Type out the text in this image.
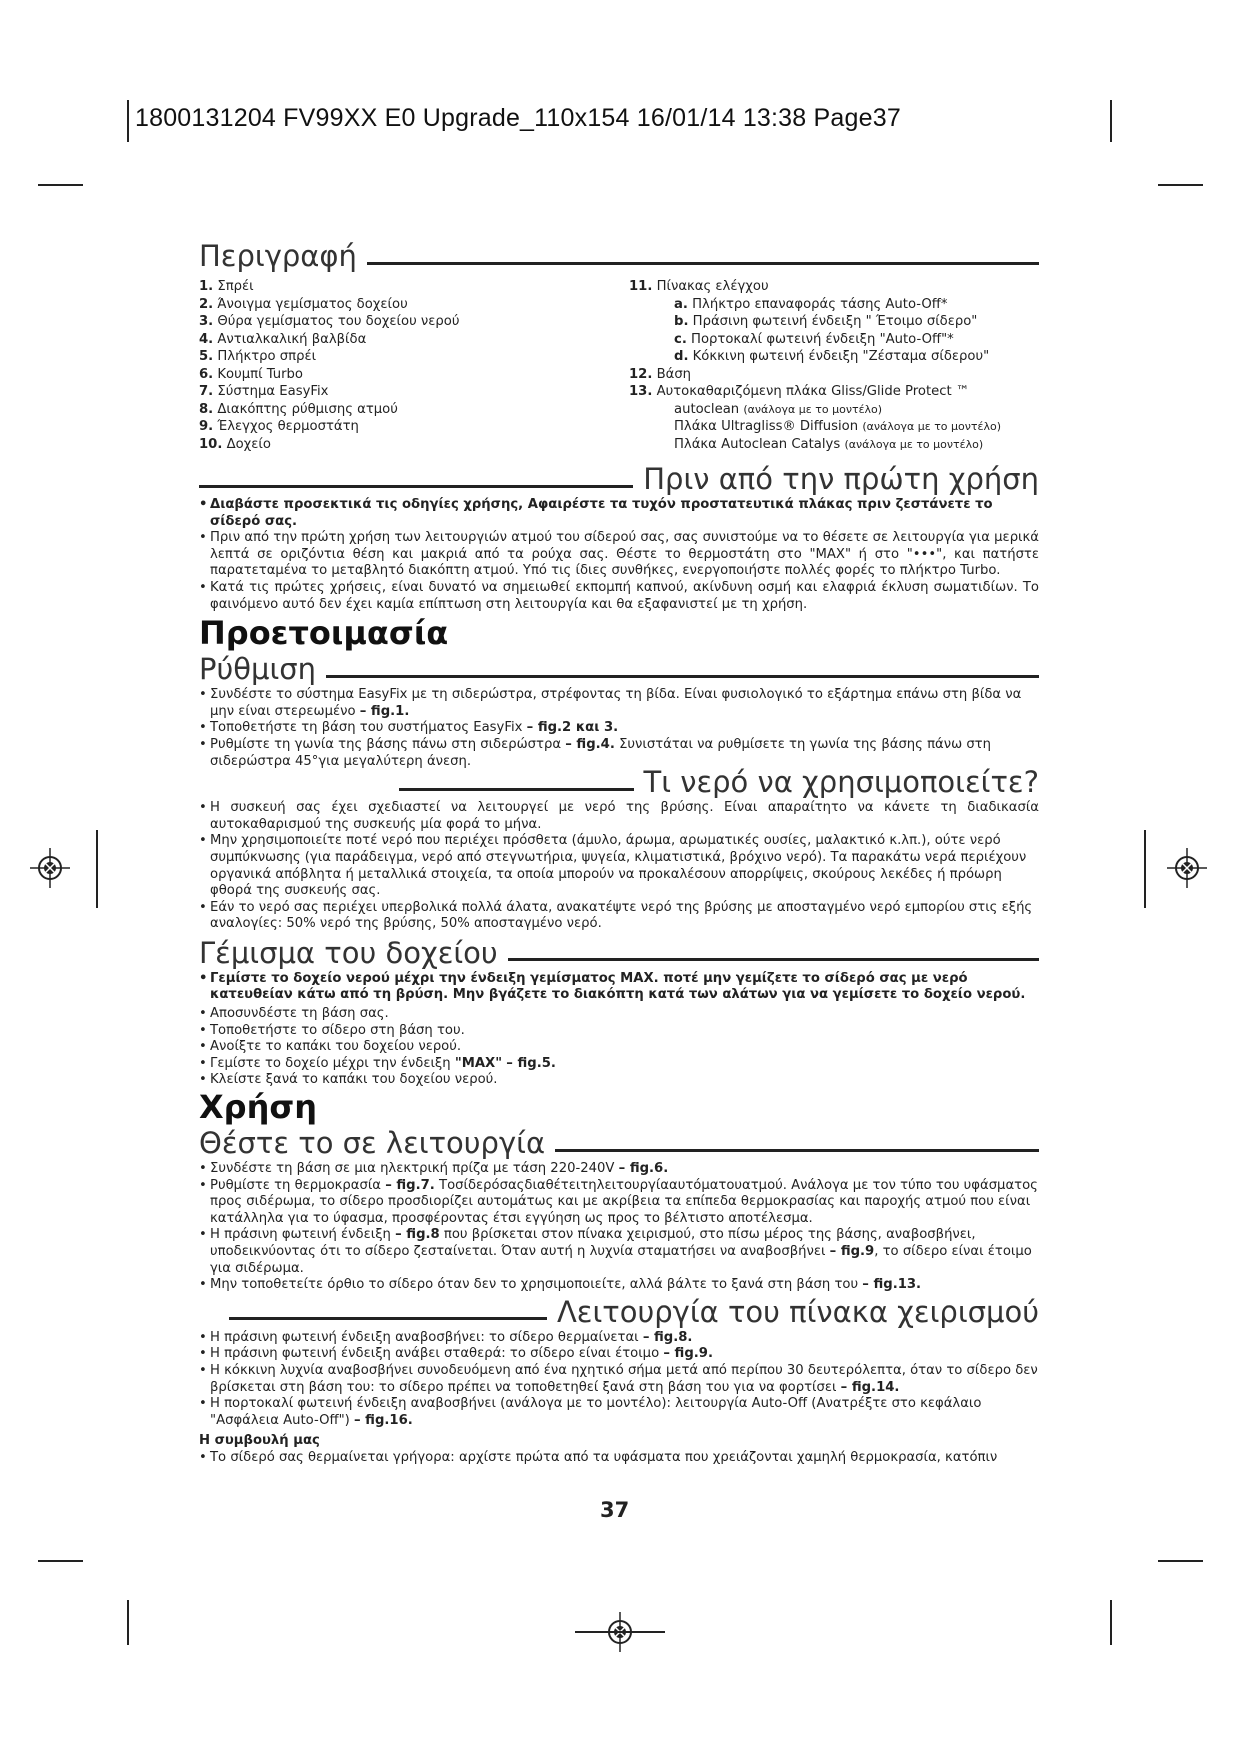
1800131204 FV99XX E0 Upgrade_110x154 16/01/14 13:38 Page37
Περιγραφή
1. Σπρέι
2. Άνοιγμα γεμίσματος δοχείου
3. Θύρα γεμίσματος του δοχείου νερού
4. Αντιαλκαλική βαλβίδα
5. Πλήκτρο σπρέι
6. Κουμπί Turbo
7. Σύστημα EasyFix
8. Διακόπτης ρύθμισης ατμού
9. Έλεγχος θερμοστάτη
10. Δοχείο
11. Πίνακας ελέγχου
a. Πλήκτρο επαναφοράς τάσης Auto-Off*
b. Πράσινη φωτεινή ένδειξη " Έτοιμο σίδερο"
c. Πορτοκαλί φωτεινή ένδειξη "Auto-Off"*
d. Κόκκινη φωτεινή ένδειξη "Ζέσταμα σίδερου"
12. Βάση
13. Αυτοκαθαριζόμενη πλάκα Gliss/Glide Protect ™
autoclean (ανάλογα με το μοντέλο)
Πλάκα Ultragliss® Diffusion (ανάλογα με το μοντέλο)
Πλάκα Autoclean Catalys (ανάλογα με το μοντέλο)
Πριν από την πρώτη χρήση
• Διαβάστε προσεκτικά τις οδηγίες χρήσης, Αφαιρέστε τα τυχόν προστατευτικά πλάκας πριν ζεστάνετε το σίδερό σας.
• Πριν από την πρώτη χρήση των λειτουργιών ατμού του σίδερού σας, σας συνιστούμε να το θέσετε σε λειτουργία για μερικά λεπτά σε οριζόντια θέση και μακριά από τα ρούχα σας. Θέστε το θερμοστάτη στο "MAX" ή στο "•••", και πατήστε παρατεταμένα το μεταβλητό διακόπτη ατμού. Υπό τις ίδιες συνθήκες, ενεργοποιήστε πολλές φορές το πλήκτρο Turbo.
• Κατά τις πρώτες χρήσεις, είναι δυνατό να σημειωθεί εκπομπή καπνού, ακίνδυνη οσμή και ελαφριά έκλυση σωματιδίων. Το φαινόμενο αυτό δεν έχει καμία επίπτωση στη λειτουργία και θα εξαφανιστεί με τη χρήση.
Προετοιμασία
Ρύθμιση
• Συνδέστε το σύστημα EasyFix με τη σιδερώστρα, στρέφοντας τη βίδα. Είναι φυσιολογικό το εξάρτημα επάνω στη βίδα να μην είναι στερεωμένο – fig.1.
• Τοποθετήστε τη βάση του συστήματος EasyFix – fig.2 και 3.
• Ρυθμίστε τη γωνία της βάσης πάνω στη σιδερώστρα – fig.4. Συνιστάται να ρυθμίσετε τη γωνία της βάσης πάνω στη σιδερώστρα 45°για μεγαλύτερη άνεση.
Τι νερό να χρησιμοποιείτε?
• Η συσκευή σας έχει σχεδιαστεί να λειτουργεί με νερό της βρύσης. Είναι απαραίτητο να κάνετε τη διαδικασία αυτοκαθαρισμού της συσκευής μία φορά το μήνα.
• Μην χρησιμοποιείτε ποτέ νερό που περιέχει πρόσθετα (άμυλο, άρωμα, αρωματικές ουσίες, μαλακτικό κ.λπ.), ούτε νερό συμπύκνωσης (για παράδειγμα, νερό από στεγνωτήρια, ψυγεία, κλιματιστικά, βρόχινο νερό). Τα παρακάτω νερά περιέχουν οργανικά απόβλητα ή μεταλλικά στοιχεία, τα οποία μπορούν να προκαλέσουν απορρίψεις, σκούρους λεκέδες ή πρόωρη φθορά της συσκευής σας.
• Εάν το νερό σας περιέχει υπερβολικά πολλά άλατα, ανακατέψτε νερό της βρύσης με αποσταγμένο νερό εμπορίου στις εξής αναλογίες: 50% νερό της βρύσης, 50% αποσταγμένο νερό.
Γέμισμα του δοχείου
• Γεμίστε το δοχείο νερού μέχρι την ένδειξη γεμίσματος MAX. ποτέ μην γεμίζετε το σίδερό σας με νερό κατευθείαν κάτω από τη βρύση. Μην βγάζετε το διακόπτη κατά των αλάτων για να γεμίσετε το δοχείο νερού.
• Αποσυνδέστε τη βάση σας.
• Τοποθετήστε το σίδερο στη βάση του.
• Ανοίξτε το καπάκι του δοχείου νερού.
• Γεμίστε το δοχείο μέχρι την ένδειξη "MAX" – fig.5.
• Κλείστε ξανά το καπάκι του δοχείου νερού.
Χρήση
Θέστε το σε λειτουργία
• Συνδέστε τη βάση σε μια ηλεκτρική πρίζα με τάση 220-240V – fig.6.
• Ρυθμίστε τη θερμοκρασία – fig.7. Τοσίδερόσαςδιαθέτειτηλειτουργίααυτόματουατμού. Ανάλογα με τον τύπο του υφάσματος προς σιδέρωμα, το σίδερο προσδιορίζει αυτομάτως και με ακρίβεια τα επίπεδα θερμοκρασίας και παροχής ατμού που είναι κατάλληλα για το ύφασμα, προσφέροντας έτσι εγγύηση ως προς το βέλτιστο αποτέλεσμα.
• Η πράσινη φωτεινή ένδειξη – fig.8 που βρίσκεται στον πίνακα χειρισμού, στο πίσω μέρος της βάσης, αναβοσβήνει, υποδεικνύοντας ότι το σίδερο ζεσταίνεται. Όταν αυτή η λυχνία σταματήσει να αναβοσβήνει – fig.9, το σίδερο είναι έτοιμο για σιδέρωμα.
• Μην τοποθετείτε όρθιο το σίδερο όταν δεν το χρησιμοποιείτε, αλλά βάλτε το ξανά στη βάση του – fig.13.
Λειτουργία του πίνακα χειρισμού
• Η πράσινη φωτεινή ένδειξη αναβοσβήνει: το σίδερο θερμαίνεται – fig.8.
• Η πράσινη φωτεινή ένδειξη ανάβει σταθερά: το σίδερο είναι έτοιμο – fig.9.
• Η κόκκινη λυχνία αναβοσβήνει συνοδευόμενη από ένα ηχητικό σήμα μετά από περίπου 30 δευτερόλεπτα, όταν το σίδερο δεν βρίσκεται στη βάση του: το σίδερο πρέπει να τοποθετηθεί ξανά στη βάση του για να φορτίσει – fig.14.
• Η πορτοκαλί φωτεινή ένδειξη αναβοσβήνει (ανάλογα με το μοντέλο): λειτουργία Auto-Off (Ανατρέξτε στο κεφάλαιο "Ασφάλεια Auto-Off") – fig.16.
Η συμβουλή μας
• Το σίδερό σας θερμαίνεται γρήγορα: αρχίστε πρώτα από τα υφάσματα που χρειάζονται χαμηλή θερμοκρασία, κατόπιν
37
